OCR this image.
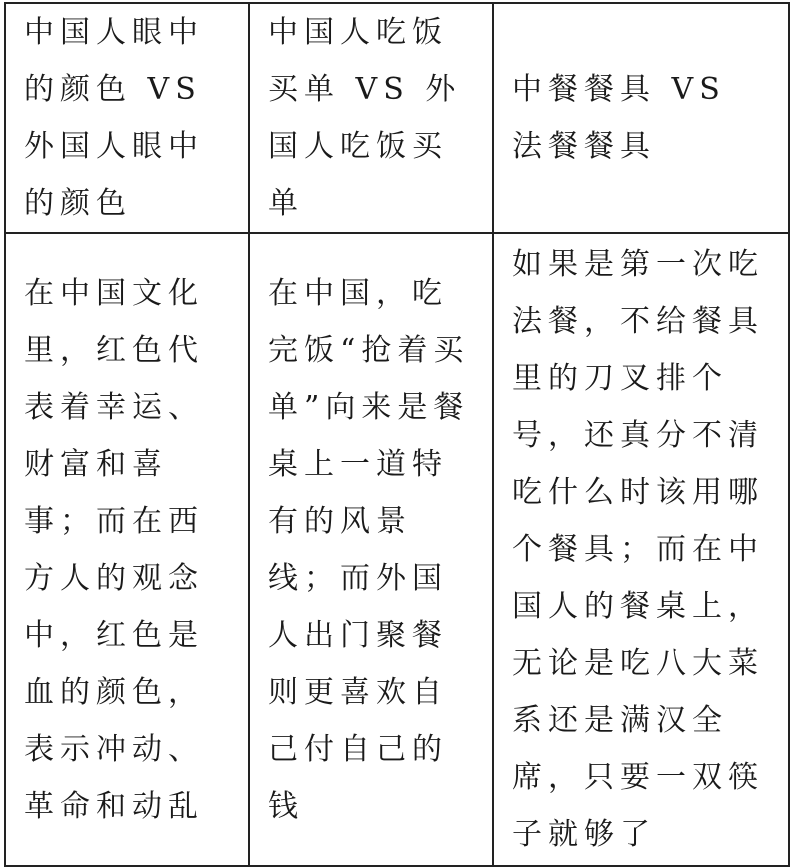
中国人眼中的颜色 VS 外国人眼中的颜色	中国人吃饭买单 VS 外国人吃饭买单	中餐餐具 VS 法餐餐具
在中国文化里，红色代表着幸运、财富和喜事；而在西方人的观念中，红色是血的颜色，表示冲动、革命和动乱	在中国，吃完饭“抢着买单”向来是餐桌上一道特有的风景线；而外国人出门聚餐则更喜欢自己付自己的钱	如果是第一次吃法餐，不给餐具里的刀叉排个号，还真分不清吃什么时该用哪个餐具；而在中国人的餐桌上，无论是吃八大菜系还是满汉全席，只要一双筷子就够了
